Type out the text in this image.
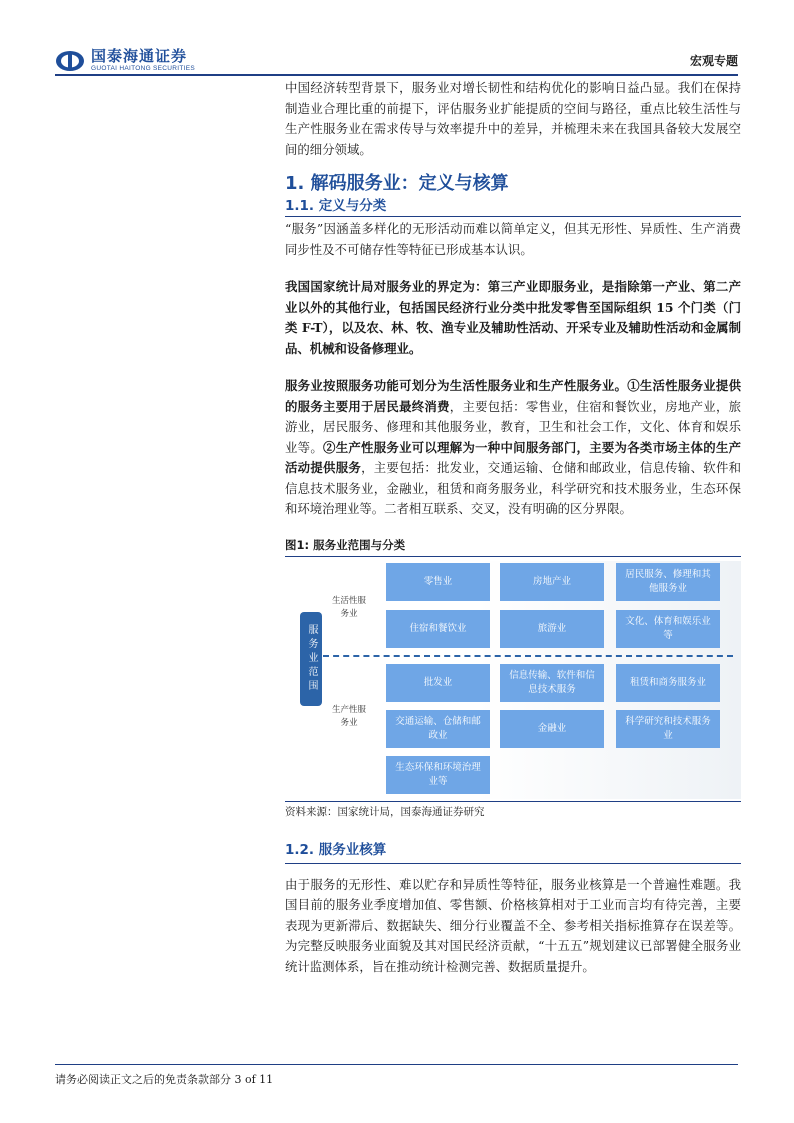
国泰海通证券
GUOTAI HAITONG SECURITIES
宏观专题

中国经济转型背景下，服务业对增长韧性和结构优化的影响日益凸显。我们在保持制造业合理比重的前提下，评估服务业扩能提质的空间与路径，重点比较生活性与生产性服务业在需求传导与效率提升中的差异，并梳理未来在我国具备较大发展空间的细分领域。

1. 解码服务业：定义与核算
1.1. 定义与分类

“服务”因涵盖多样化的无形活动而难以简单定义，但其无形性、异质性、生产消费同步性及不可储存性等特征已形成基本认识。

我国国家统计局对服务业的界定为：第三产业即服务业，是指除第一产业、第二产业以外的其他行业，包括国民经济行业分类中批发零售至国际组织 15 个门类（门类 F-T），以及农、林、牧、渔专业及辅助性活动、开采专业及辅助性活动和金属制品、机械和设备修理业。

服务业按照服务功能可划分为生活性服务业和生产性服务业。①生活性服务业提供的服务主要用于居民最终消费，主要包括：零售业，住宿和餐饮业，房地产业，旅游业，居民服务、修理和其他服务业，教育，卫生和社会工作，文化、体育和娱乐业等。②生产性服务业可以理解为一种中间服务部门，主要为各类市场主体的生产活动提供服务，主要包括：批发业，交通运输、仓储和邮政业，信息传输、软件和信息技术服务业，金融业，租赁和商务服务业，科学研究和技术服务业，生态环保和环境治理业等。二者相互联系、交叉，没有明确的区分界限。

图1: 服务业范围与分类
服务业范围
生活性服务业
生产性服务业
零售业	房地产业
居民服务、修理和其他服务业
住宿和餐饮业	旅游业
文化、体育和娱乐业等
批发业
信息传输、软件和信息技术服务
租赁和商务服务业
交通运输、仓储和邮政业
金融业
科学研究和技术服务业
生态环保和环境治理业等
资料来源：国家统计局，国泰海通证券研究
1.2. 服务业核算

由于服务的无形性、难以贮存和异质性等特征，服务业核算是一个普遍性难题。我国目前的服务业季度增加值、零售额、价格核算相对于工业而言均有待完善，主要表现为更新滞后、数据缺失、细分行业覆盖不全、参考相关指标推算存在误差等。为完整反映服务业面貌及其对国民经济贡献，“十五五”规划建议已部署健全服务业统计监测体系，旨在推动统计检测完善、数据质量提升。

请务必阅读正文之后的免责条款部分 3 of 11
